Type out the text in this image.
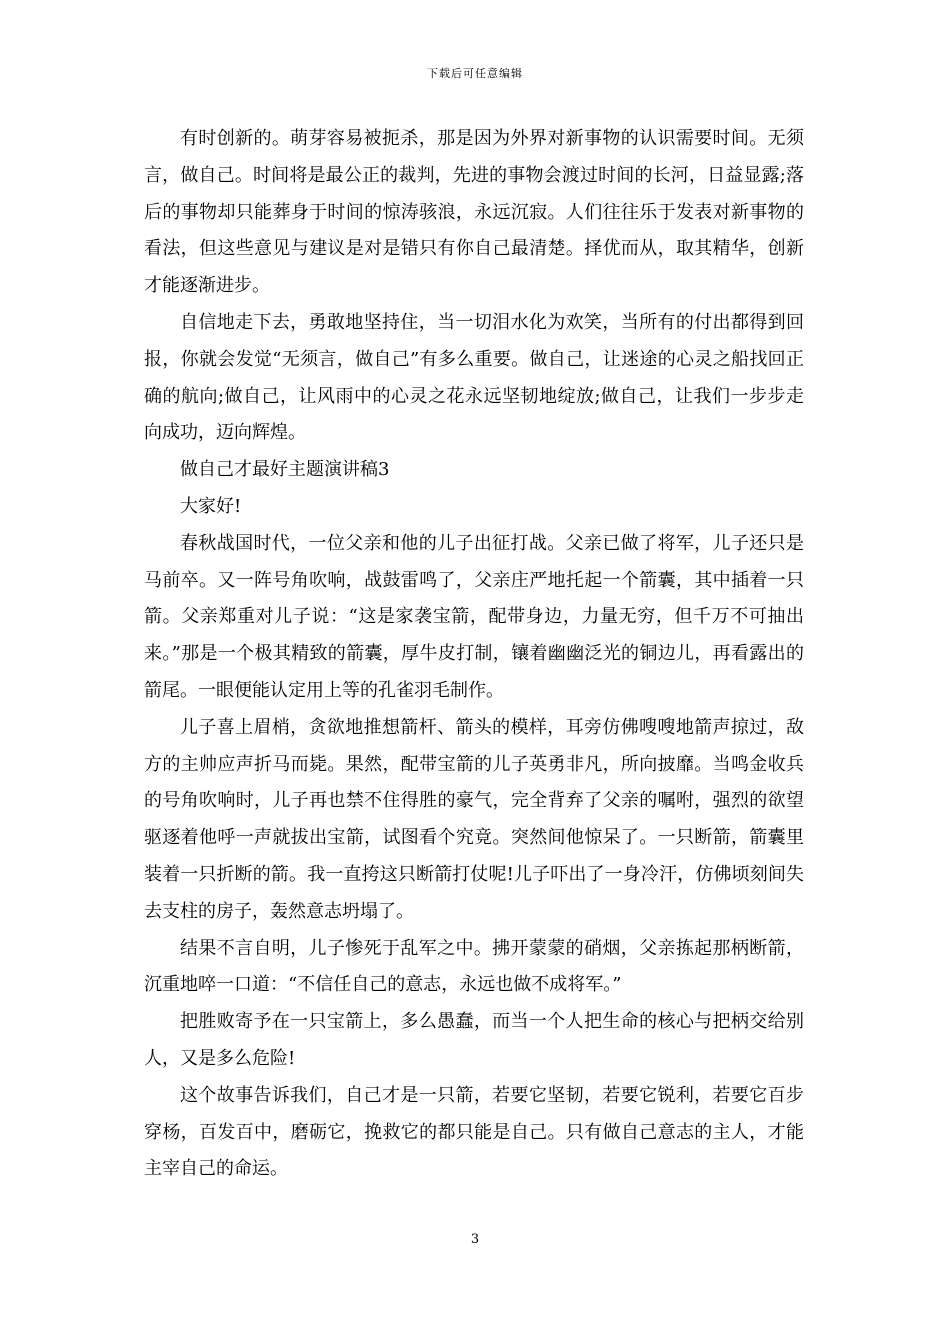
下载后可任意编辑

有时创新的。萌芽容易被扼杀，那是因为外界对新事物的认识需要时间。无须言，做自己。时间将是最公正的裁判，先进的事物会渡过时间的长河，日益显露;落后的事物却只能葬身于时间的惊涛骇浪，永远沉寂。人们往往乐于发表对新事物的看法，但这些意见与建议是对是错只有你自己最清楚。择优而从，取其精华，创新才能逐渐进步。

自信地走下去，勇敢地坚持住，当一切泪水化为欢笑，当所有的付出都得到回报，你就会发觉“无须言，做自己”有多么重要。做自己，让迷途的心灵之船找回正确的航向;做自己，让风雨中的心灵之花永远坚韧地绽放;做自己，让我们一步步走向成功，迈向辉煌。

做自己才最好主题演讲稿3

大家好!

春秋战国时代，一位父亲和他的儿子出征打战。父亲已做了将军，儿子还只是马前卒。又一阵号角吹响，战鼓雷鸣了，父亲庄严地托起一个箭囊，其中插着一只箭。父亲郑重对儿子说：“这是家袭宝箭，配带身边，力量无穷，但千万不可抽出来。”那是一个极其精致的箭囊，厚牛皮打制，镶着幽幽泛光的铜边儿，再看露出的箭尾。一眼便能认定用上等的孔雀羽毛制作。

儿子喜上眉梢，贪欲地推想箭杆、箭头的模样，耳旁仿佛嗖嗖地箭声掠过，敌方的主帅应声折马而毙。果然，配带宝箭的儿子英勇非凡，所向披靡。当鸣金收兵的号角吹响时，儿子再也禁不住得胜的豪气，完全背弃了父亲的嘱咐，强烈的欲望驱逐着他呼一声就拔出宝箭，试图看个究竟。突然间他惊呆了。一只断箭，箭囊里装着一只折断的箭。我一直挎这只断箭打仗呢!儿子吓出了一身冷汗，仿佛顷刻间失去支柱的房子，轰然意志坍塌了。

结果不言自明，儿子惨死于乱军之中。拂开蒙蒙的硝烟，父亲拣起那柄断箭，沉重地啐一口道：“不信任自己的意志，永远也做不成将军。”

把胜败寄予在一只宝箭上，多么愚蠢，而当一个人把生命的核心与把柄交给别人，又是多么危险!

这个故事告诉我们，自己才是一只箭，若要它坚韧，若要它锐利，若要它百步穿杨，百发百中，磨砺它，挽救它的都只能是自己。只有做自己意志的主人，才能主宰自己的命运。

3
